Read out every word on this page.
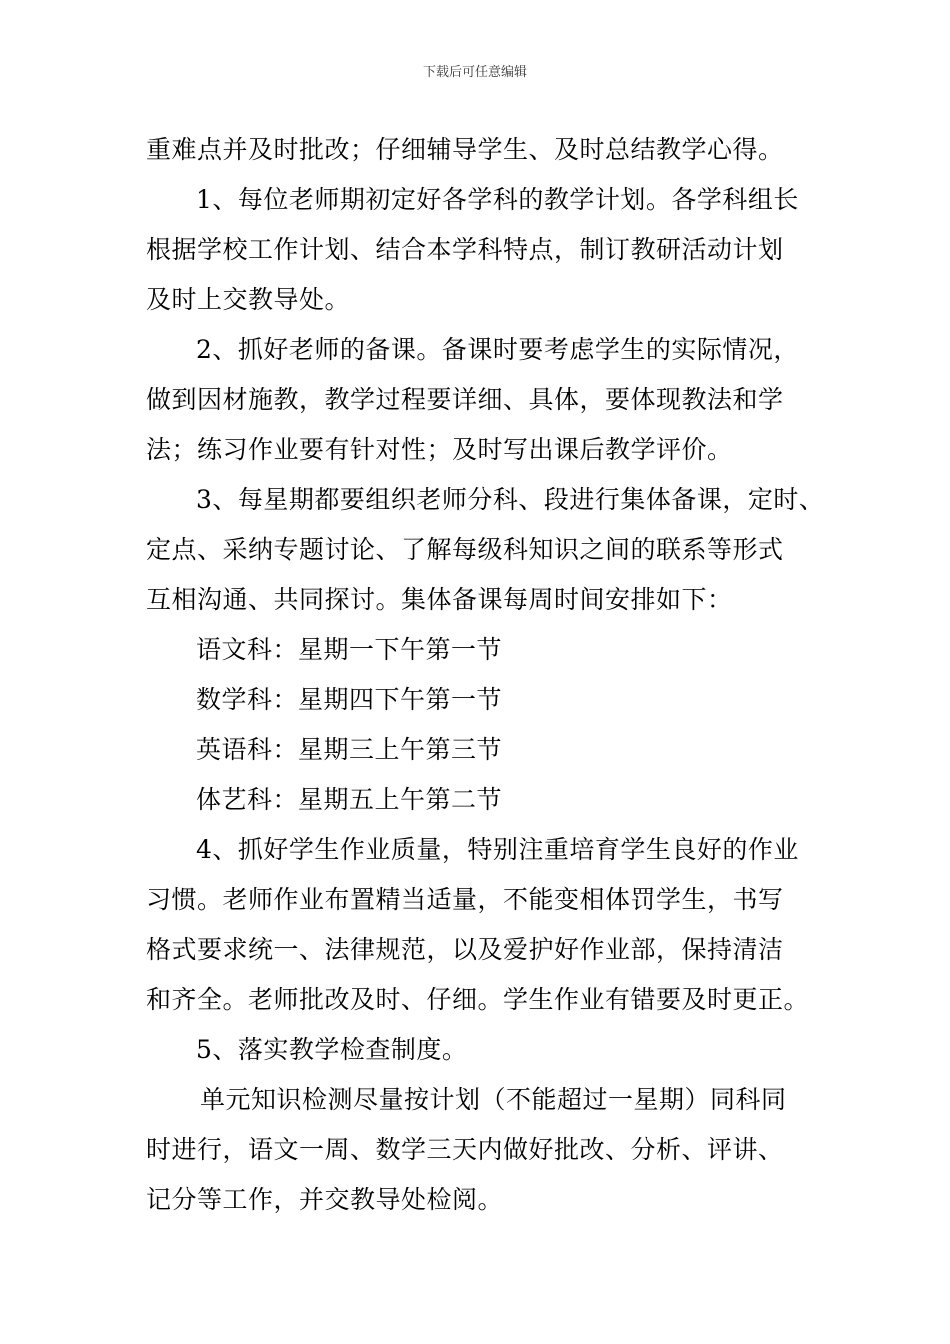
下载后可任意编辑
重难点并及时批改；仔细辅导学生、及时总结教学心得。
1、每位老师期初定好各学科的教学计划。各学科组长
根据学校工作计划、结合本学科特点，制订教研活动计划
及时上交教导处。
2、抓好老师的备课。备课时要考虑学生的实际情况，
做到因材施教，教学过程要详细、具体，要体现教法和学
法；练习作业要有针对性；及时写出课后教学评价。
3、每星期都要组织老师分科、段进行集体备课，定时、
定点、采纳专题讨论、了解每级科知识之间的联系等形式
互相沟通、共同探讨。集体备课每周时间安排如下：
语文科：星期一下午第一节
数学科：星期四下午第一节
英语科：星期三上午第三节
体艺科：星期五上午第二节
4、抓好学生作业质量，特别注重培育学生良好的作业
习惯。老师作业布置精当适量，不能变相体罚学生，书写
格式要求统一、法律规范，以及爱护好作业部，保持清洁
和齐全。老师批改及时、仔细。学生作业有错要及时更正。
5、落实教学检查制度。
单元知识检测尽量按计划（不能超过一星期）同科同
时进行，语文一周、数学三天内做好批改、分析、评讲、
记分等工作，并交教导处检阅。
